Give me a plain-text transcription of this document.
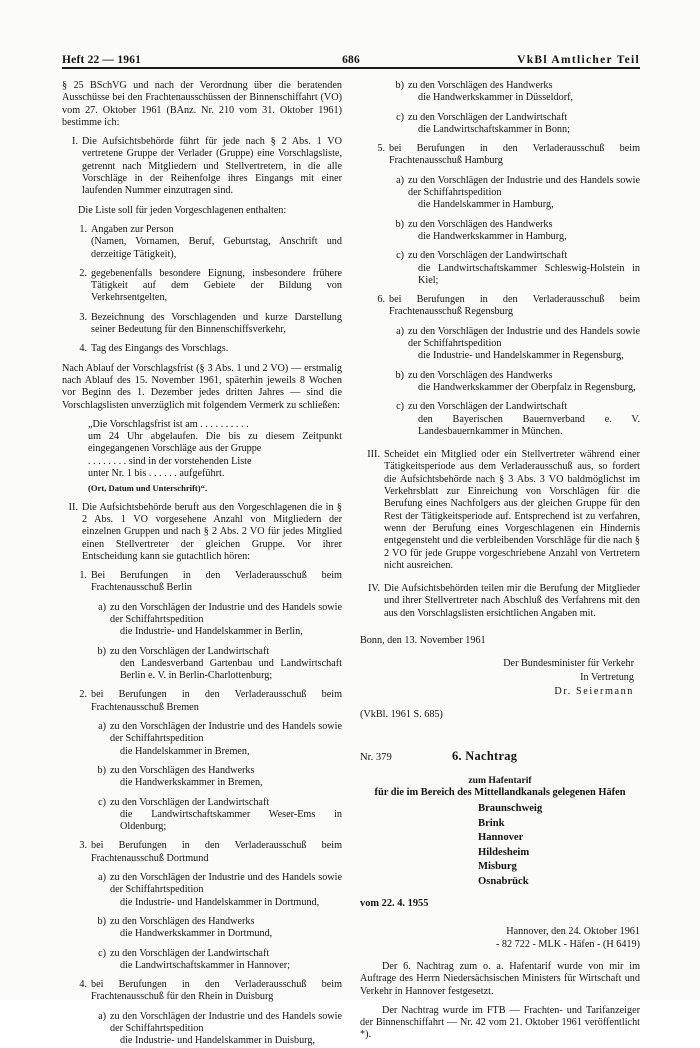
Heft 22 — 1961	686	VkBl Amtlicher Teil

§ 25 BSchVG und nach der Verordnung über die beratenden Ausschüsse bei den Frachtenausschüssen der Binnenschiffahrt (VO) vom 27. Oktober 1961 (BAnz. Nr. 210 vom 31. Oktober 1961) bestimme ich:

I. Die Aufsichtsbehörde führt für jede nach § 2 Abs. 1 VO vertretene Gruppe der Verlader (Gruppe) eine Vorschlagsliste, getrennt nach Mitgliedern und Stellvertretern, in die alle Vorschläge in der Reihenfolge ihres Eingangs mit einer laufenden Nummer einzutragen sind.

Die Liste soll für jeden Vorgeschlagenen enthalten:

1. Angaben zur Person
(Namen, Vornamen, Beruf, Geburtstag, Anschrift und derzeitige Tätigkeit),
2. gegebenenfalls besondere Eignung, insbesondere frühere Tätigkeit auf dem Gebiete der Bildung von Verkehrsentgelten,
3. Bezeichnung des Vorschlagenden und kurze Darstellung seiner Bedeutung für den Binnenschiffsverkehr,
4. Tag des Eingangs des Vorschlags.

Nach Ablauf der Vorschlagsfrist (§ 3 Abs. 1 und 2 VO) — erstmalig nach Ablauf des 15. November 1961, späterhin jeweils 8 Wochen vor Beginn des 1. Dezember jedes dritten Jahres — sind die Vorschlagslisten unverzüglich mit folgendem Vermerk zu schließen:

„Die Vorschlagsfrist ist am . . . . . . . . . .
um 24 Uhr abgelaufen. Die bis zu diesem Zeitpunkt eingegangenen Vorschläge aus der Gruppe
. . . . . . . . sind in der vorstehenden Liste
unter Nr. 1 bis . . . . . . aufgeführt.
(Ort, Datum und Unterschrift)“.
II. Die Aufsichtsbehörde beruft aus den Vorgeschlagenen die in § 2 Abs. 1 VO vorgesehene Anzahl von Mitgliedern der einzelnen Gruppen und nach § 2 Abs. 2 VO für jedes Mitglied einen Stellvertreter der gleichen Gruppe. Vor ihrer Entscheidung kann sie gutachtlich hören:
1. Bei Berufungen in den Verladerausschuß beim Frachtenausschuß Berlin
a) zu den Vorschlägen der Industrie und des Handels sowie der Schiffahrtspedition
die Industrie- und Handelskammer in Berlin,
b) zu den Vorschlägen der Landwirtschaft
den Landesverband Gartenbau und Landwirtschaft Berlin e. V. in Berlin-Charlottenburg;
2. bei Berufungen in den Verladerausschuß beim Frachtenausschuß Bremen
a) zu den Vorschlägen der Industrie und des Handels sowie der Schiffahrtspedition
die Handelskammer in Bremen,
b) zu den Vorschlägen des Handwerks
die Handwerkskammer in Bremen,
c) zu den Vorschlägen der Landwirtschaft
die Landwirtschaftskammer Weser-Ems in Oldenburg;
3. bei Berufungen in den Verladerausschuß beim Frachtenausschuß Dortmund
a) zu den Vorschlägen der Industrie und des Handels sowie der Schiffahrtspedition
die Industrie- und Handelskammer in Dortmund,
b) zu den Vorschlägen des Handwerks
die Handwerkskammer in Dortmund,
c) zu den Vorschlägen der Landwirtschaft
die Landwirtschaftskammer in Hannover;
4. bei Berufungen in den Verladerausschuß beim Frachtenausschuß für den Rhein in Duisburg
a) zu den Vorschlägen der Industrie und des Handels sowie der Schiffahrtspedition
die Industrie- und Handelskammer in Duisburg,
b) zu den Vorschlägen des Handwerks
die Handwerkskammer in Düsseldorf,
c) zu den Vorschlägen der Landwirtschaft
die Landwirtschaftskammer in Bonn;
5. bei Berufungen in den Verladerausschuß beim Frachtenausschuß Hamburg
a) zu den Vorschlägen der Industrie und des Handels sowie der Schiffahrtspedition
die Handelskammer in Hamburg,
b) zu den Vorschlägen des Handwerks
die Handwerkskammer in Hamburg,
c) zu den Vorschlägen der Landwirtschaft
die Landwirtschaftskammer Schleswig-Holstein in Kiel;
6. bei Berufungen in den Verladerausschuß beim Frachtenausschuß Regensburg
a) zu den Vorschlägen der Industrie und des Handels sowie der Schiffahrtspedition
die Industrie- und Handelskammer in Regensburg,
b) zu den Vorschlägen des Handwerks
die Handwerkskammer der Oberpfalz in Regensburg,
c) zu den Vorschlägen der Landwirtschaft
den Bayerischen Bauernverband e. V. Landesbauernkammer in München.
III. Scheidet ein Mitglied oder ein Stellvertreter während einer Tätigkeitsperiode aus dem Verladerausschuß aus, so fordert die Aufsichtsbehörde nach § 3 Abs. 3 VO baldmöglichst im Verkehrsblatt zur Einreichung von Vorschlägen für die Berufung eines Nachfolgers aus der gleichen Gruppe für den Rest der Tätigkeitsperiode auf. Entsprechend ist zu verfahren, wenn der Berufung eines Vorgeschlagenen ein Hindernis entgegensteht und die verbleibenden Vorschläge für die nach § 2 VO für jede Gruppe vorgeschriebene Anzahl von Vertretern nicht ausreichen.
IV. Die Aufsichtsbehörden teilen mir die Berufung der Mitglieder und ihrer Stellvertreter nach Abschluß des Verfahrens mit den aus den Vorschlagslisten ersichtlichen Angaben mit.

Bonn, den 13. November 1961

Der Bundesminister für Verkehr
In Vertretung
Dr. Seiermann

(VkBl. 1961 S. 685)

Nr. 379	6. Nachtrag
zum Hafentarif
für die im Bereich des Mittellandkanals gelegenen Häfen
Braunschweig
Brink
Hannover
Hildesheim
Misburg
Osnabrück
vom 22. 4. 1955
Hannover, den 24. Oktober 1961
- 82 722 - MLK - Häfen - (H 6419)

Der 6. Nachtrag zum o. a. Hafentarif wurde von mir im Auftrage des Herrn Niedersächsischen Ministers für Wirtschaft und Verkehr in Hannover festgesetzt.

Der Nachtrag wurde im FTB — Frachten- und Tarifanzeiger der Binnenschiffahrt — Nr. 42 vom 21. Oktober 1961 veröffentlicht *).
